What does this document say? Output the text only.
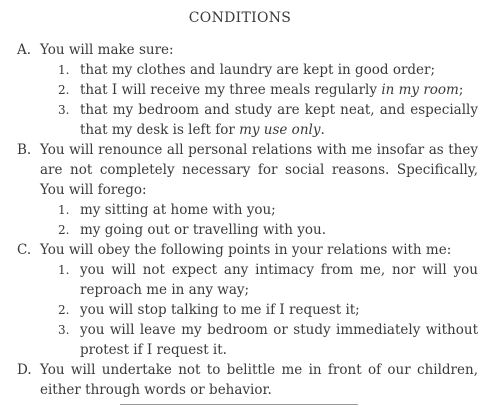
CONDITIONS
A. You will make sure:
1. that my clothes and laundry are kept in good order;
2. that I will receive my three meals regularly in my room;
3. that my bedroom and study are kept neat, and especially that my desk is left for my use only.
B. You will renounce all personal relations with me insofar as they are not completely necessary for social reasons. Specifically, You will forego:
1. my sitting at home with you;
2. my going out or travelling with you.
C. You will obey the following points in your relations with me:
1. you will not expect any intimacy from me, nor will you reproach me in any way;
2. you will stop talking to me if I request it;
3. you will leave my bedroom or study immediately without protest if I request it.
D. You will undertake not to belittle me in front of our children, either through words or behavior.
